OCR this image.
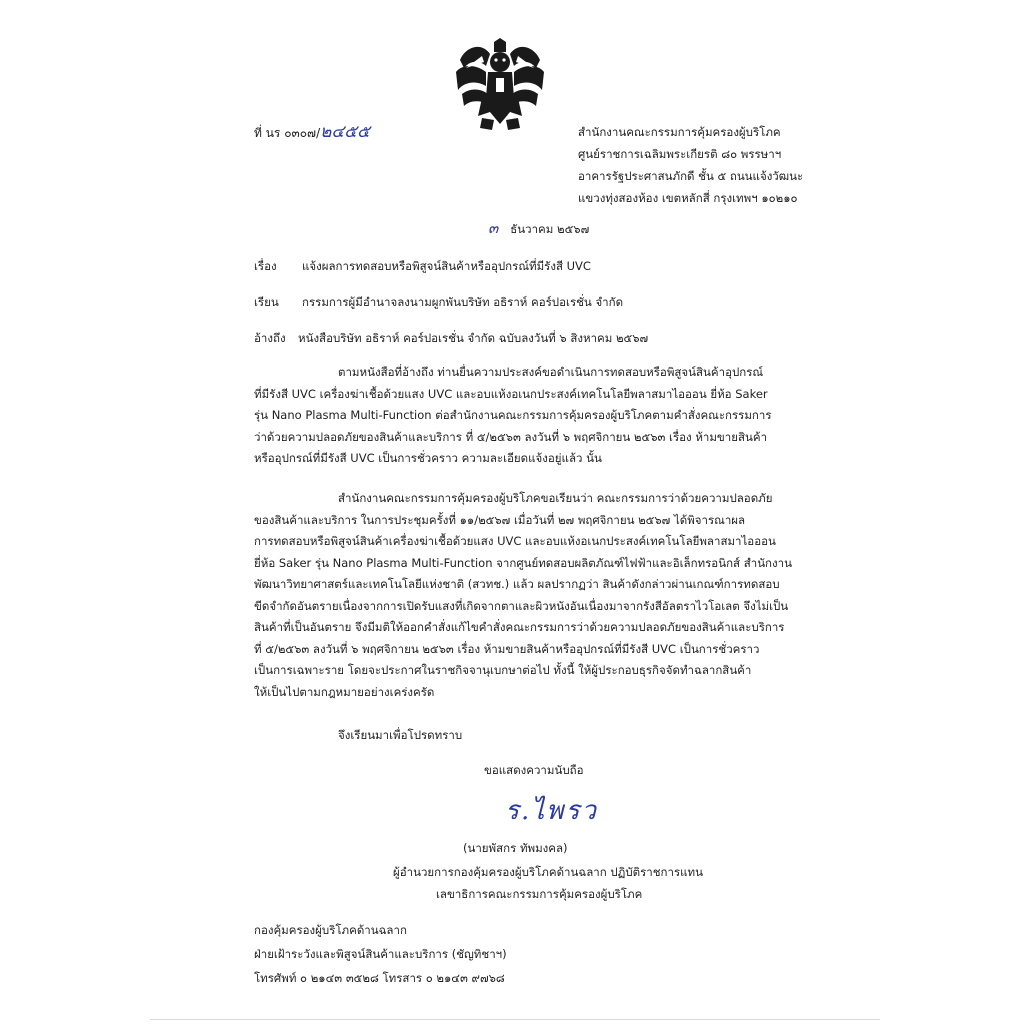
ที่ นร ๐๓๐๗/๒๔๕๕	สำนักงานคณะกรรมการคุ้มครองผู้บริโภค
ศูนย์ราชการเฉลิมพระเกียรติ ๘๐ พรรษาฯ
อาคารรัฐประศาสนภักดี ชั้น ๕ ถนนแจ้งวัฒนะ
แขวงทุ่งสองห้อง เขตหลักสี่ กรุงเทพฯ ๑๐๒๑๐
๓ ธันวาคม ๒๕๖๗
เรื่อง แจ้งผลการทดสอบหรือพิสูจน์สินค้าหรืออุปกรณ์ที่มีรังสี UVC
เรียน กรรมการผู้มีอำนาจลงนามผูกพันบริษัท อธิราห์ คอร์ปอเรชั่น จำกัด
อ้างถึง หนังสือบริษัท อธิราห์ คอร์ปอเรชั่น จำกัด ฉบับลงวันที่ ๖ สิงหาคม ๒๕๖๗
ตามหนังสือที่อ้างถึง ท่านยื่นความประสงค์ขอดำเนินการทดสอบหรือพิสูจน์สินค้าอุปกรณ์
ที่มีรังสี UVC เครื่องฆ่าเชื้อด้วยแสง UVC และอบแห้งอเนกประสงค์เทคโนโลยีพลาสมาไอออน ยี่ห้อ Saker
รุ่น Nano Plasma Multi-Function ต่อสำนักงานคณะกรรมการคุ้มครองผู้บริโภคตามคำสั่งคณะกรรมการ
ว่าด้วยความปลอดภัยของสินค้าและบริการ ที่ ๕/๒๕๖๓ ลงวันที่ ๖ พฤศจิกายน ๒๕๖๓ เรื่อง ห้ามขายสินค้า
หรืออุปกรณ์ที่มีรังสี UVC เป็นการชั่วคราว ความละเอียดแจ้งอยู่แล้ว นั้น
สำนักงานคณะกรรมการคุ้มครองผู้บริโภคขอเรียนว่า คณะกรรมการว่าด้วยความปลอดภัย
ของสินค้าและบริการ ในการประชุมครั้งที่ ๑๑/๒๕๖๗ เมื่อวันที่ ๒๗ พฤศจิกายน ๒๕๖๗ ได้พิจารณาผล
การทดสอบหรือพิสูจน์สินค้าเครื่องฆ่าเชื้อด้วยแสง UVC และอบแห้งอเนกประสงค์เทคโนโลยีพลาสมาไอออน
ยี่ห้อ Saker รุ่น Nano Plasma Multi-Function จากศูนย์ทดสอบผลิตภัณฑ์ไฟฟ้าและอิเล็กทรอนิกส์ สำนักงาน
พัฒนาวิทยาศาสตร์และเทคโนโลยีแห่งชาติ (สวทช.) แล้ว ผลปรากฏว่า สินค้าดังกล่าวผ่านเกณฑ์การทดสอบ
ขีดจำกัดอันตรายเนื่องจากการเปิดรับแสงที่เกิดจากตาและผิวหนังอันเนื่องมาจากรังสีอัลตราไวโอเลต จึงไม่เป็น
สินค้าที่เป็นอันตราย จึงมีมติให้ออกคำสั่งแก้ไขคำสั่งคณะกรรมการว่าด้วยความปลอดภัยของสินค้าและบริการ
ที่ ๕/๒๕๖๓ ลงวันที่ ๖ พฤศจิกายน ๒๕๖๓ เรื่อง ห้ามขายสินค้าหรืออุปกรณ์ที่มีรังสี UVC เป็นการชั่วคราว
เป็นการเฉพาะราย โดยจะประกาศในราชกิจจานุเบกษาต่อไป ทั้งนี้ ให้ผู้ประกอบธุรกิจจัดทำฉลากสินค้า
ให้เป็นไปตามกฎหมายอย่างเคร่งครัด
จึงเรียนมาเพื่อโปรดทราบ
ขอแสดงความนับถือ
ร.ไพรว
(นายพัสกร ทัพมงคล)
ผู้อำนวยการกองคุ้มครองผู้บริโภคด้านฉลาก ปฏิบัติราชการแทน
เลขาธิการคณะกรรมการคุ้มครองผู้บริโภค
กองคุ้มครองผู้บริโภคด้านฉลาก
ฝ่ายเฝ้าระวังและพิสูจน์สินค้าและบริการ (ชัญทิชาฯ)
โทรศัพท์ ๐ ๒๑๔๓ ๓๕๒๘ โทรสาร ๐ ๒๑๔๓ ๙๗๖๘
